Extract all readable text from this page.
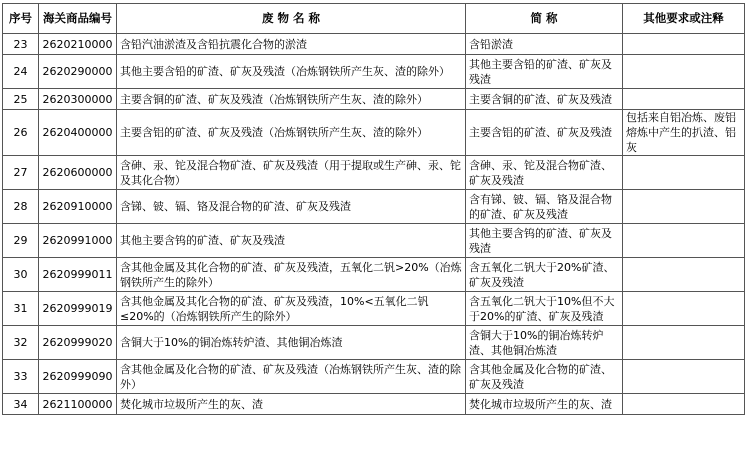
序号	海关商品编号	废 物 名 称	简 称	其他要求或注释
23	2620210000	含铅汽油淤渣及含铅抗震化合物的淤渣	含铅淤渣	
24	2620290000	其他主要含铅的矿渣、矿灰及残渣（冶炼钢铁所产生灰、渣的除外）	其他主要含铅的矿渣、矿灰及残渣	
25	2620300000	主要含铜的矿渣、矿灰及残渣（冶炼钢铁所产生灰、渣的除外）	主要含铜的矿渣、矿灰及残渣	
26	2620400000	主要含铝的矿渣、矿灰及残渣（冶炼钢铁所产生灰、渣的除外）	主要含铝的矿渣、矿灰及残渣	包括来自铝冶炼、废铝熔炼中产生的扒渣、铝灰
27	2620600000	含砷、汞、铊及混合物矿渣、矿灰及残渣（用于提取或生产砷、汞、铊及其化合物）	含砷、汞、铊及混合物矿渣、矿灰及残渣	
28	2620910000	含锑、铍、镉、铬及混合物的矿渣、矿灰及残渣	含有锑、铍、镉、铬及混合物的矿渣、矿灰及残渣	
29	2620991000	其他主要含钨的矿渣、矿灰及残渣	其他主要含钨的矿渣、矿灰及残渣	
30	2620999011	含其他金属及其化合物的矿渣、矿灰及残渣，五氧化二钒>20%（冶炼钢铁所产生的除外）	含五氧化二钒大于20%矿渣、矿灰及残渣	
31	2620999019	含其他金属及其化合物的矿渣、矿灰及残渣，10%<五氧化二钒≤20%的（冶炼钢铁所产生的除外）	含五氧化二钒大于10%但不大于20%的矿渣、矿灰及残渣	
32	2620999020	含铜大于10%的铜冶炼转炉渣、其他铜冶炼渣	含铜大于10%的铜冶炼转炉渣、其他铜冶炼渣	
33	2620999090	含其他金属及化合物的矿渣、矿灰及残渣（冶炼钢铁所产生灰、渣的除外）	含其他金属及化合物的矿渣、矿灰及残渣	
34	2621100000	焚化城市垃圾所产生的灰、渣	焚化城市垃圾所产生的灰、渣	
